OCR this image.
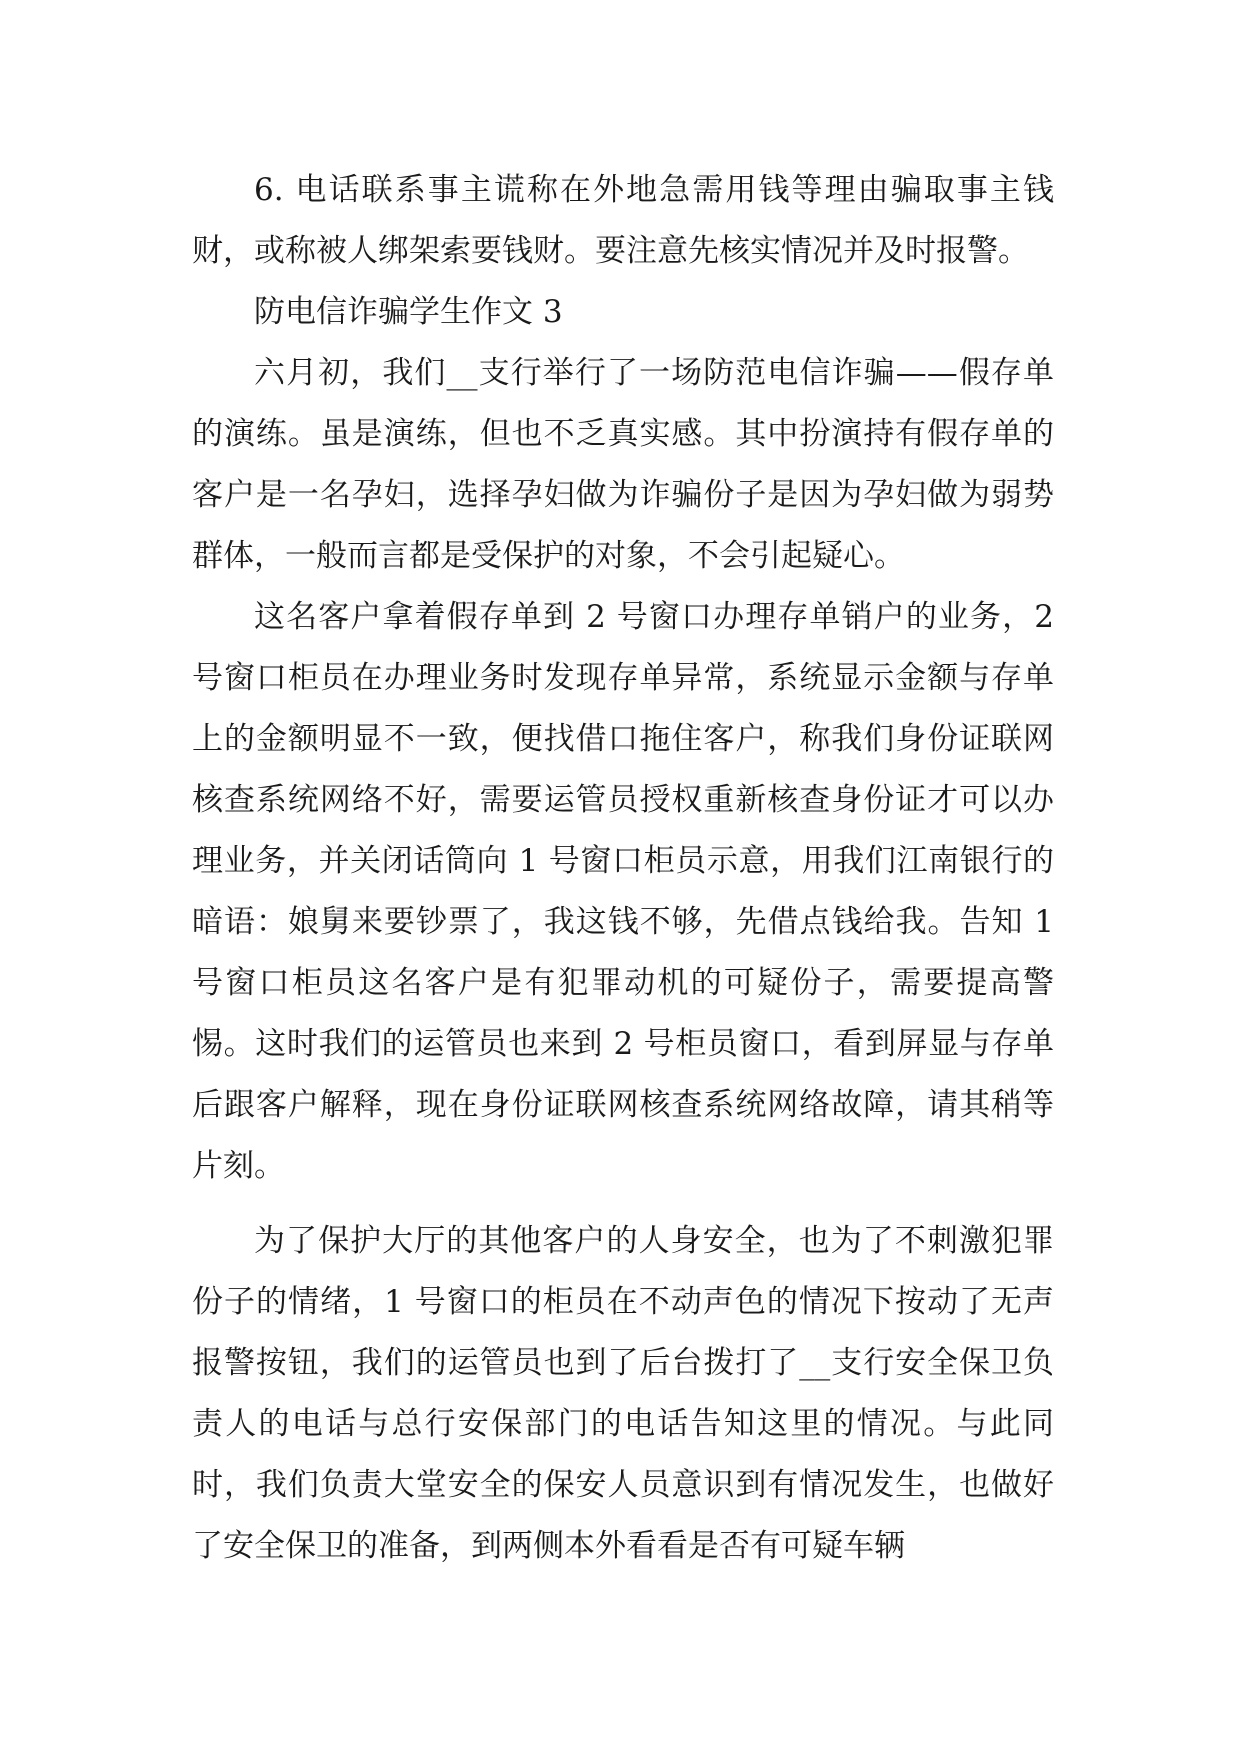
6. 电话联系事主谎称在外地急需用钱等理由骗取事主钱财，或称被人绑架索要钱财。要注意先核实情况并及时报警。

防电信诈骗学生作文 3

六月初，我们__支行举行了一场防范电信诈骗——假存单的演练。虽是演练，但也不乏真实感。其中扮演持有假存单的客户是一名孕妇，选择孕妇做为诈骗份子是因为孕妇做为弱势群体，一般而言都是受保护的对象，不会引起疑心。

这名客户拿着假存单到 2 号窗口办理存单销户的业务，2 号窗口柜员在办理业务时发现存单异常，系统显示金额与存单上的金额明显不一致，便找借口拖住客户，称我们身份证联网核查系统网络不好，需要运管员授权重新核查身份证才可以办理业务，并关闭话筒向 1 号窗口柜员示意，用我们江南银行的暗语：娘舅来要钞票了，我这钱不够，先借点钱给我。告知 1 号窗口柜员这名客户是有犯罪动机的可疑份子，需要提高警惕。这时我们的运管员也来到 2 号柜员窗口，看到屏显与存单后跟客户解释，现在身份证联网核查系统网络故障，请其稍等片刻。

为了保护大厅的其他客户的人身安全，也为了不刺激犯罪份子的情绪，1 号窗口的柜员在不动声色的情况下按动了无声报警按钮，我们的运管员也到了后台拨打了__支行安全保卫负责人的电话与总行安保部门的电话告知这里的情况。与此同时，我们负责大堂安全的保安人员意识到有情况发生，也做好了安全保卫的准备，到两侧本外看看是否有可疑车辆
